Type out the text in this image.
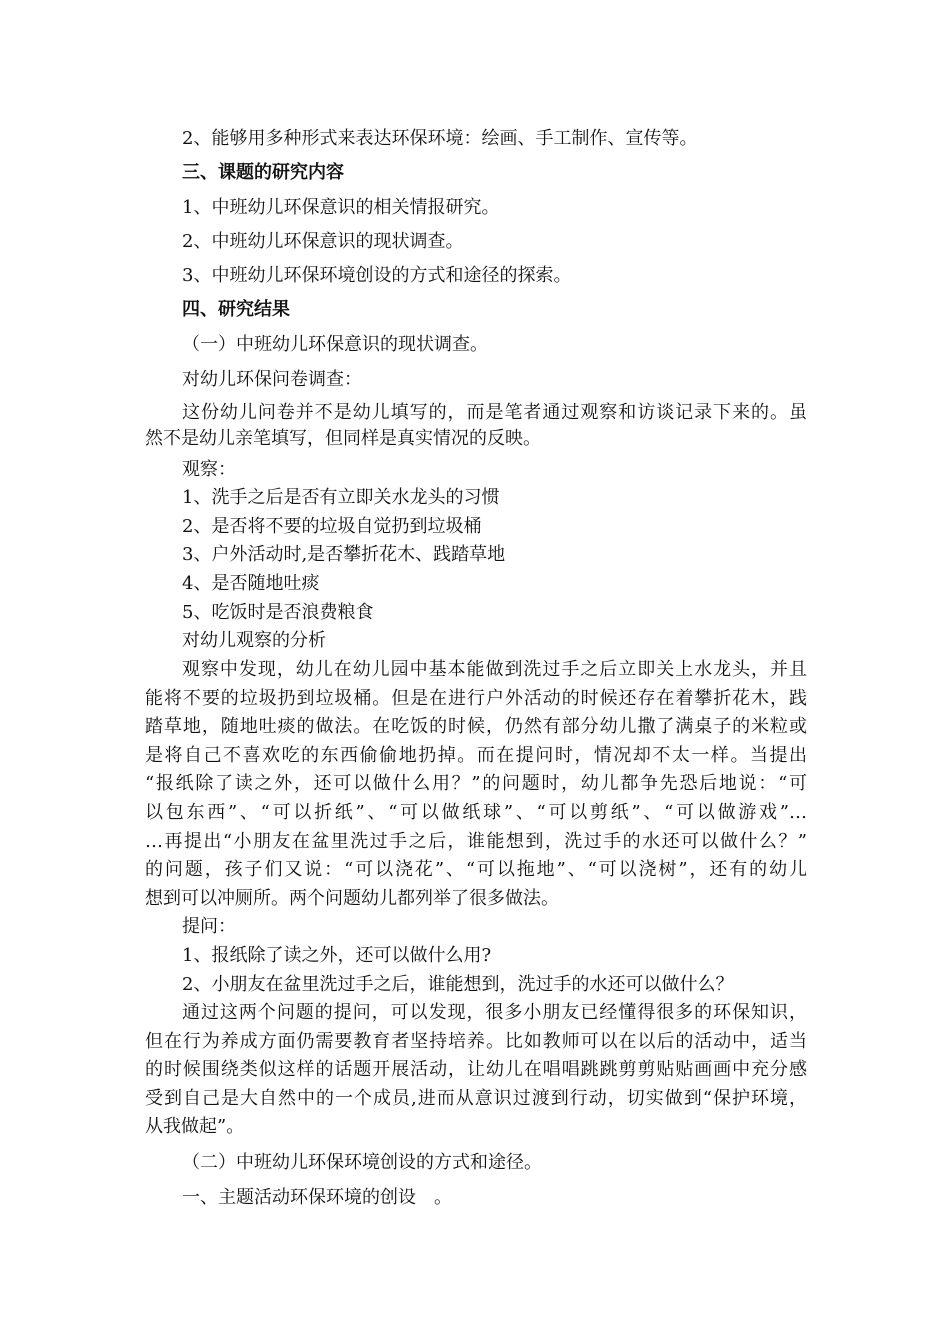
2、能够用多种形式来表达环保环境：绘画、手工制作、宣传等。

三、课题的研究内容

1、中班幼儿环保意识的相关情报研究。

2、中班幼儿环保意识的现状调查。

3、中班幼儿环保环境创设的方式和途径的探索。

四、研究结果

（一）中班幼儿环保意识的现状调查。

对幼儿环保问卷调查：

这份幼儿问卷并不是幼儿填写的，而是笔者通过观察和访谈记录下来的。虽

然不是幼儿亲笔填写，但同样是真实情况的反映。

观察：

1、洗手之后是否有立即关水龙头的习惯

2、是否将不要的垃圾自觉扔到垃圾桶

3、户外活动时,是否攀折花木、践踏草地

4、是否随地吐痰

5、吃饭时是否浪费粮食

对幼儿观察的分析

观察中发现，幼儿在幼儿园中基本能做到洗过手之后立即关上水龙头，并且

能将不要的垃圾扔到垃圾桶。但是在进行户外活动的时候还存在着攀折花木，践

踏草地，随地吐痰的做法。在吃饭的时候，仍然有部分幼儿撒了满桌子的米粒或

是将自己不喜欢吃的东西偷偷地扔掉。而在提问时，情况却不太一样。当提出

“报纸除了读之外，还可以做什么用？”的问题时，幼儿都争先恐后地说：“可

以包东西”、“可以折纸”、“可以做纸球”、“可以剪纸”、“可以做游戏”…

…再提出“小朋友在盆里洗过手之后，谁能想到，洗过手的水还可以做什么？”

的问题，孩子们又说：“可以浇花”、“可以拖地”、“可以浇树”，还有的幼儿

想到可以冲厕所。两个问题幼儿都列举了很多做法。

提问：

1、报纸除了读之外，还可以做什么用?

2、小朋友在盆里洗过手之后，谁能想到，洗过手的水还可以做什么？

通过这两个问题的提问，可以发现，很多小朋友已经懂得很多的环保知识，

但在行为养成方面仍需要教育者坚持培养。比如教师可以在以后的活动中，适当

的时候围绕类似这样的话题开展活动，让幼儿在唱唱跳跳剪剪贴贴画画中充分感

受到自己是大自然中的一个成员,进而从意识过渡到行动，切实做到“保护环境，

从我做起”。

（二）中班幼儿环保环境创设的方式和途径。

一、主题活动环保环境的创设　。
